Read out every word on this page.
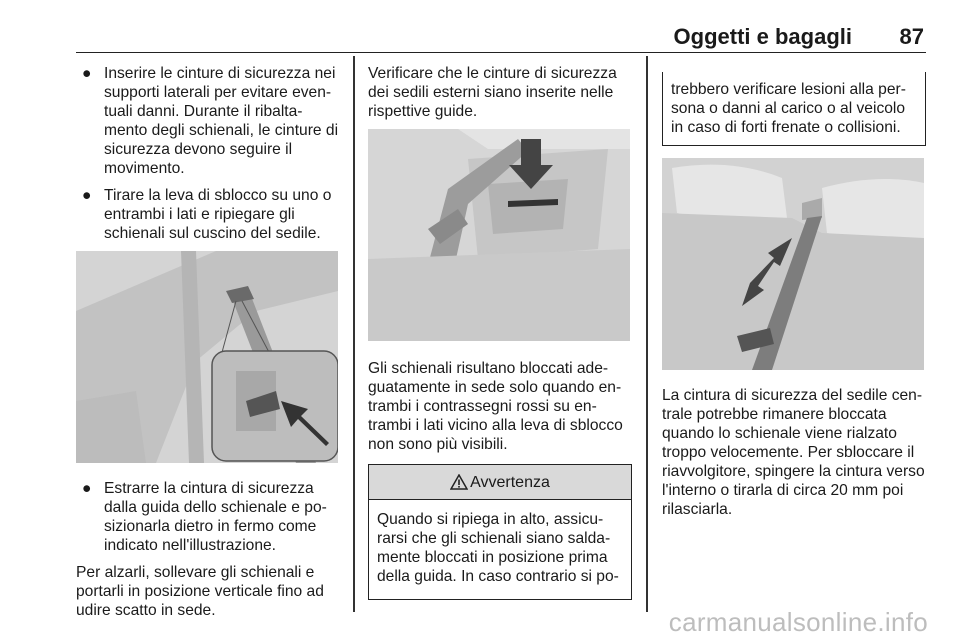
Oggetti e bagagli 87
● Inserire le cinture di sicurezza nei supporti laterali per evitare even-tuali danni. Durante il ribalta-mento degli schienali, le cinture di sicurezza devono seguire il movimento.
● Tirare la leva di sblocco su uno o entrambi i lati e ripiegare gli schienali sul cuscino del sedile.
● Estrarre la cintura di sicurezza dalla guida dello schienale e po-sizionarla dietro in fermo come indicato nell'illustrazione.

Per alzarli, sollevare gli schienali e portarli in posizione verticale fino ad udire scatto in sede.

Verificare che le cinture di sicurezza dei sedili esterni siano inserite nelle rispettive guide.

Gli schienali risultano bloccati ade-guatamente in sede solo quando en-trambi i contrassegni rossi su en-trambi i lati vicino alla leva di sblocco non sono più visibili.

Avvertenza
Quando si ripiega in alto, assicu-rarsi che gli schienali siano salda-mente bloccati in posizione prima della guida. In caso contrario si po-
trebbero verificare lesioni alla per-sona o danni al carico o al veicolo in caso di forti frenate o collisioni.

La cintura di sicurezza del sedile cen-trale potrebbe rimanere bloccata quando lo schienale viene rialzato troppo velocemente. Per sbloccare il riavvolgitore, spingere la cintura verso l'interno o tirarla di circa 20 mm poi rilasciarla.

carmanualsonline.info
